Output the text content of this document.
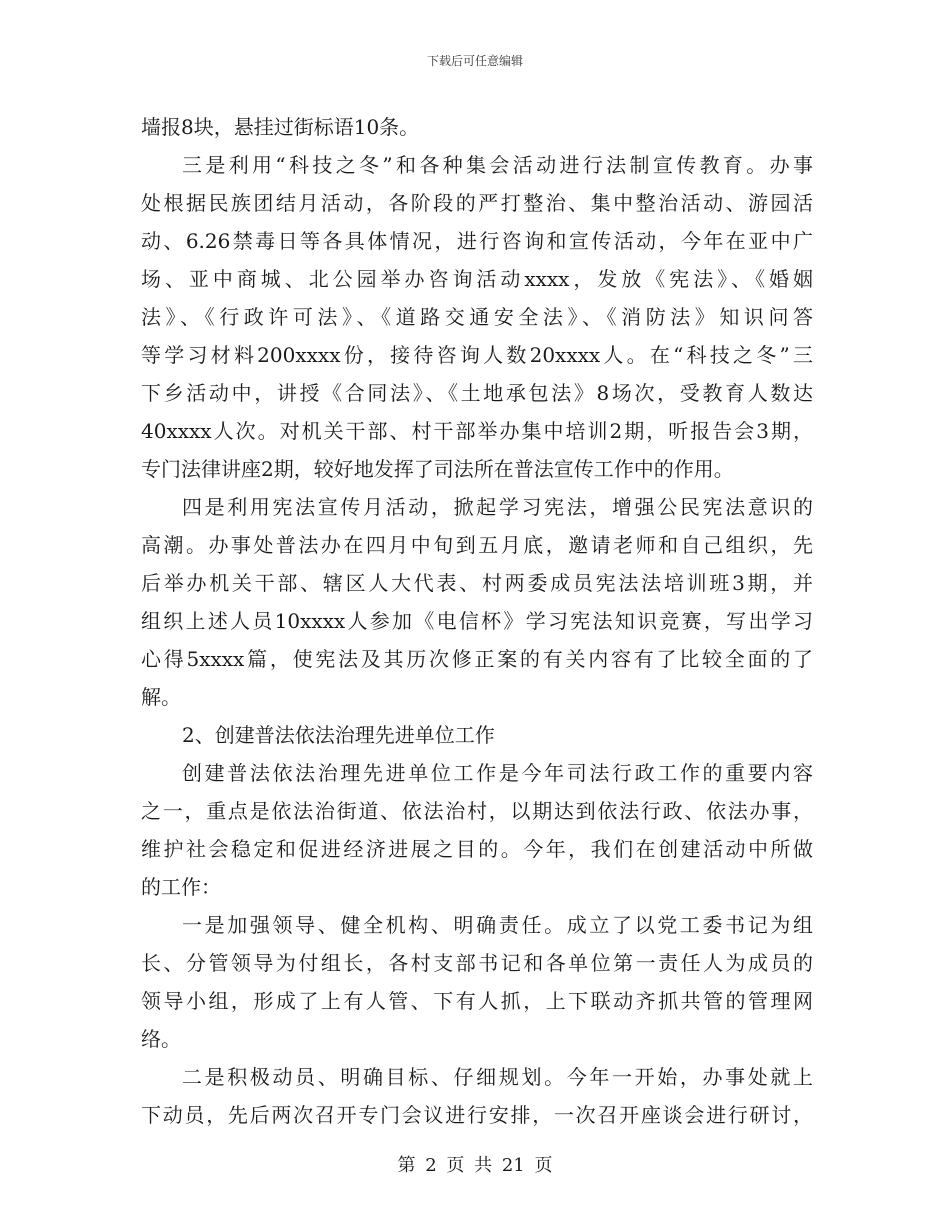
下载后可任意编辑
墙报8块，悬挂过街标语10条。
三是利用“科技之冬”和各种集会活动进行法制宣传教育。办事
处根据民族团结月活动，各阶段的严打整治、集中整治活动、游园活
动、6.26禁毒日等各具体情况，进行咨询和宣传活动，今年在亚中广
场、亚中商城、北公园举办咨询活动xxxx，发放《宪法》、《婚姻
法》、《行政许可法》、《道路交通安全法》、《消防法》知识问答
等学习材料200xxxx份，接待咨询人数20xxxx人。在“科技之冬”三
下乡活动中，讲授《合同法》、《土地承包法》8场次，受教育人数达
40xxxx人次。对机关干部、村干部举办集中培训2期，听报告会3期，
专门法律讲座2期，较好地发挥了司法所在普法宣传工作中的作用。
四是利用宪法宣传月活动，掀起学习宪法，增强公民宪法意识的
高潮。办事处普法办在四月中旬到五月底，邀请老师和自己组织，先
后举办机关干部、辖区人大代表、村两委成员宪法法培训班3期，并
组织上述人员10xxxx人参加《电信杯》学习宪法知识竞赛，写出学习
心得5xxxx篇，使宪法及其历次修正案的有关内容有了比较全面的了
解。
2、创建普法依法治理先进单位工作
创建普法依法治理先进单位工作是今年司法行政工作的重要内容
之一，重点是依法治街道、依法治村，以期达到依法行政、依法办事，
维护社会稳定和促进经济进展之目的。今年，我们在创建活动中所做
的工作：
一是加强领导、健全机构、明确责任。成立了以党工委书记为组
长、分管领导为付组长，各村支部书记和各单位第一责任人为成员的
领导小组，形成了上有人管、下有人抓，上下联动齐抓共管的管理网
络。
二是积极动员、明确目标、仔细规划。今年一开始，办事处就上
下动员，先后两次召开专门会议进行安排，一次召开座谈会进行研讨，
第 2 页 共 21 页
